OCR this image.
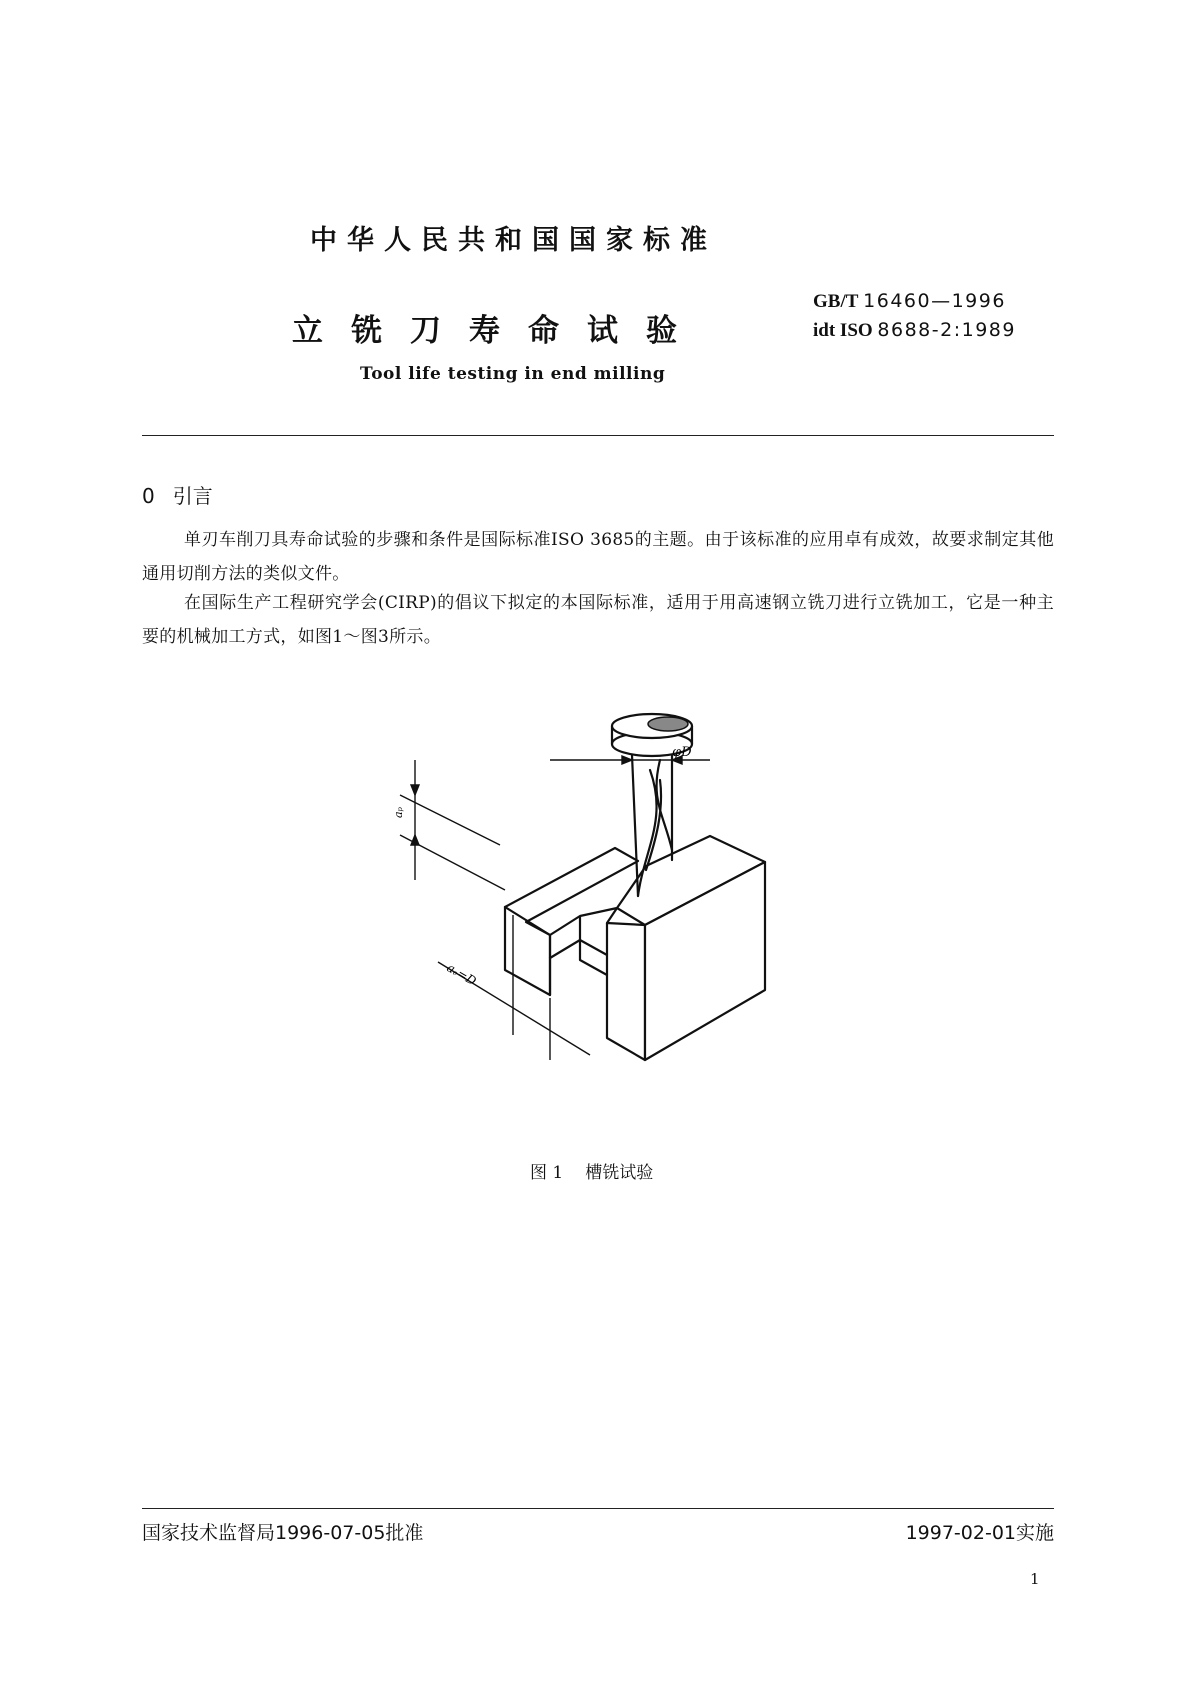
中华人民共和国国家标准
立铣刀寿命试验
Tool life testing in end milling
GB/T 16460—1996
idt ISO 8688-2:1989
0 引言
单刃车削刀具寿命试验的步骤和条件是国际标准ISO 3685的主题。由于该标准的应用卓有成效，故要求制定其他通用切削方法的类似文件。
在国际生产工程研究学会(CIRP)的倡议下拟定的本国际标准，适用于用高速钢立铣刀进行立铣加工，它是一种主要的机械加工方式，如图1～图3所示。
φD
aₚ
aₑ=D
图 1 槽铣试验
国家技术监督局1996-07-05批准	1997-02-01实施
1
